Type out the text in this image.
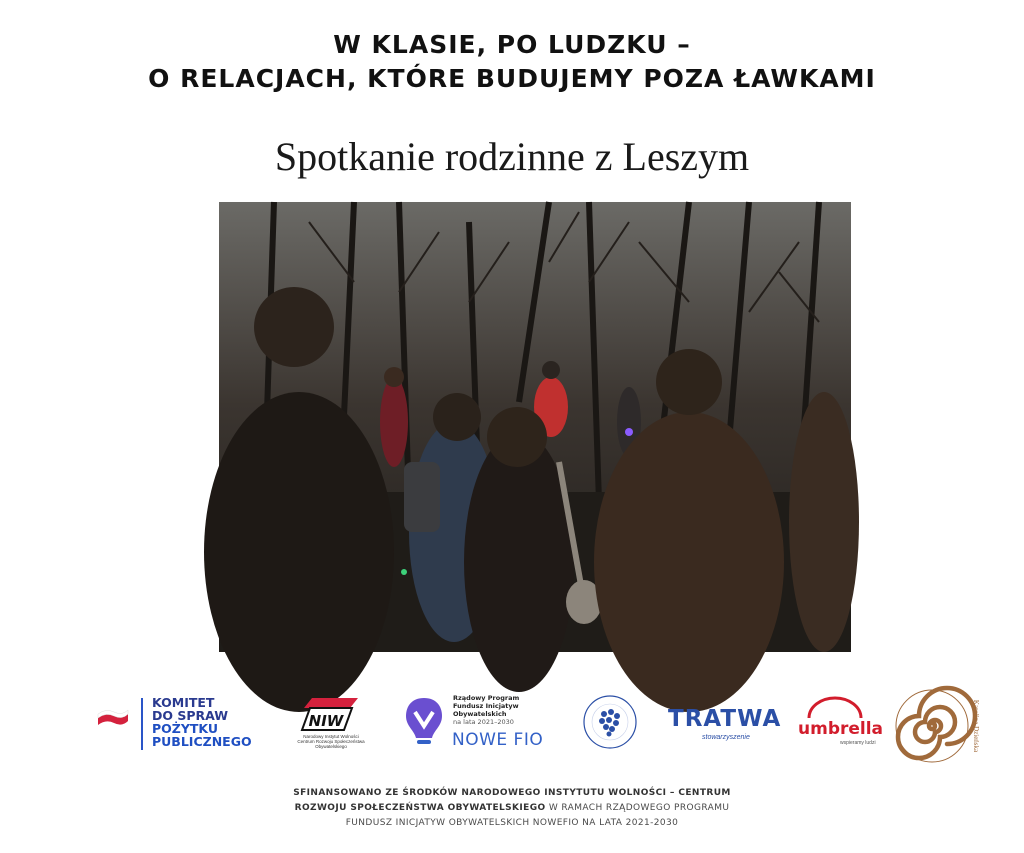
W KLASIE, PO LUDZKU –
O RELACJACH, KTÓRE BUDUJEMY POZA ŁAWKAMI
Spotkanie rodzinne z Leszym
KOMITET
DO SPRAW
POŻYTKU
PUBLICZNEGO
NIW
Narodowy Instytut Wolności
Centrum Rozwoju Społeczeństwa Obywatelskiego
Rządowy Program
Fundusz Inicjatyw
Obywatelskich
na lata 2021–2030
NOWE FIO
TRATWA
stowarzyszenie	umbrella
wspieramy ludzi	Karolina Dzieńska
SFINANSOWANO ZE ŚRODKÓW NARODOWEGO INSTYTUTU WOLNOŚCI – CENTRUM
ROZWOJU SPOŁECZEŃSTWA OBYWATELSKIEGO W RAMACH RZĄDOWEGO PROGRAMU
FUNDUSZ INICJATYW OBYWATELSKICH NOWEFIO NA LATA 2021-2030
